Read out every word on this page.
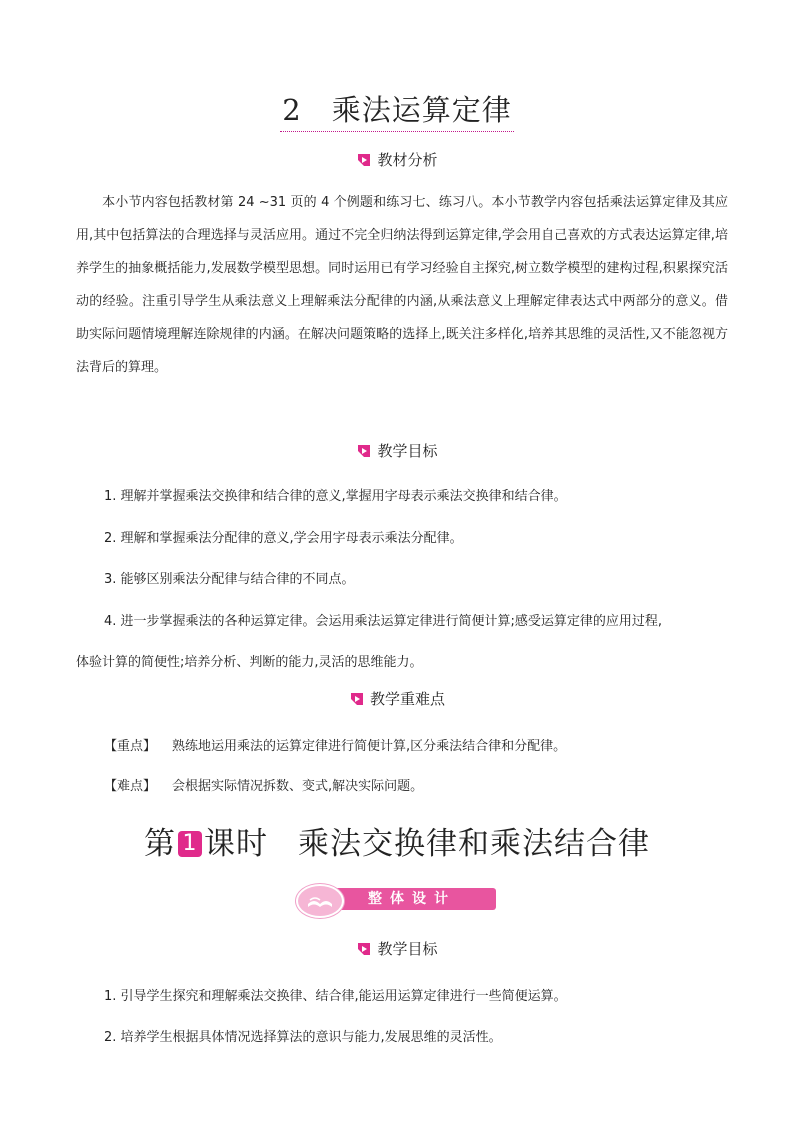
2 乘法运算定律
教材分析
本小节内容包括教材第 24 ~31 页的 4 个例题和练习七、练习八。本小节教学内容包括乘法运算定律及其应用,其中包括算法的合理选择与灵活应用。通过不完全归纳法得到运算定律,学会用自己喜欢的方式表达运算定律,培养学生的抽象概括能力,发展数学模型思想。同时运用已有学习经验自主探究,树立数学模型的建构过程,积累探究活动的经验。注重引导学生从乘法意义上理解乘法分配律的内涵,从乘法意义上理解定律表达式中两部分的意义。借助实际问题情境理解连除规律的内涵。在解决问题策略的选择上,既关注多样化,培养其思维的灵活性,又不能忽视方法背后的算理。
教学目标
1. 理解并掌握乘法交换律和结合律的意义,掌握用字母表示乘法交换律和结合律。
2. 理解和掌握乘法分配律的意义,学会用字母表示乘法分配律。
3. 能够区别乘法分配律与结合律的不同点。
4. 进一步掌握乘法的各种运算定律。会运用乘法运算定律进行简便计算;感受运算定律的应用过程,
体验计算的简便性;培养分析、判断的能力,灵活的思维能力。
教学重难点
【重点】 熟练地运用乘法的运算定律进行简便计算,区分乘法结合律和分配律。
【难点】 会根据实际情况拆数、变式,解决实际问题。
第 1 课时 乘法交换律和乘法结合律
整体设计
教学目标
1. 引导学生探究和理解乘法交换律、结合律,能运用运算定律进行一些简便运算。
2. 培养学生根据具体情况选择算法的意识与能力,发展思维的灵活性。
